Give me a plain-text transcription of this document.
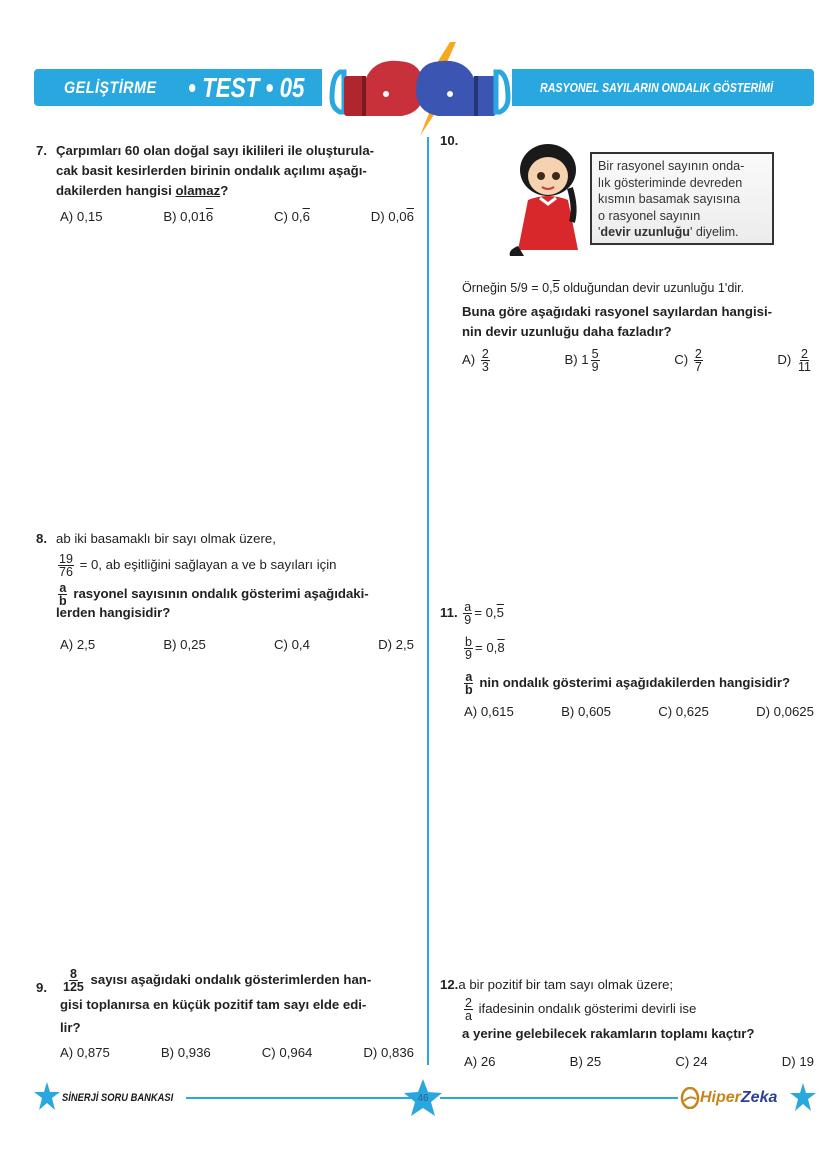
GELİŞTİRME • TEST • 05	RASYONEL SAYILARIN ONDALIK GÖSTERİMİ
7. Çarpımları 60 olan doğal sayı ikilileri ile oluşturula-
cak basit kesirlerden birinin ondalık açılımı aşağı-
dakilerden hangisi olamaz?
A) 0,15	B) 0,016	C) 0,6	D) 0,06
8. ab iki basamaklı bir sayı olmak üzere,
$\frac{19}{76} = 0$, ab eşitliğini sağlayan a ve b sayıları için
$\frac{a}{b}$ rasyonel sayısının ondalık gösterimi aşağıdaki-
lerden hangisidir?
A) 2,5	B) 0,25	C) 0,4	D) 2,5
9. $\frac{8}{125}$ sayısı aşağıdaki ondalık gösterimlerden han-
gisi toplanırsa en küçük pozitif tam sayı elde edi-
lir?
A) 0,875	B) 0,936	C) 0,964	D) 0,836
10.
Bir rasyonel sayının onda-
lık gösteriminde devreden
kısmın basamak sayısına
o rasyonel sayının
'devir uzunluğu' diyelim.
Örneğin 5/9 = 0,5 olduğundan devir uzunluğu 1'dir.
Buna göre aşağıdaki rasyonel sayılardan hangisi-
nin devir uzunluğu daha fazladır?
$A) \frac{2}{3}$	B) $1 \frac{5}{9}$	$C) \frac{2}{7}$	$D) \frac{2}{11}$
11. $\frac{a}{9} = 0,5$
$\frac{b}{9} = 0,8$
$\frac{a}{b}$ nin ondalık gösterimi aşağıdakilerden hangisidir?
A) 0,615	B) 0,605	C) 0,625	D) 0,0625
12.a bir pozitif bir tam sayı olmak üzere;
$\frac{2}{a}$ ifadesinin ondalık gösterimi devirli ise
a yerine gelebilecek rakamların toplamı kaçtır?
A) 26	B) 25	C) 24	D) 19
SİNERJİ SORU BANKASI	46	HiperZeka
